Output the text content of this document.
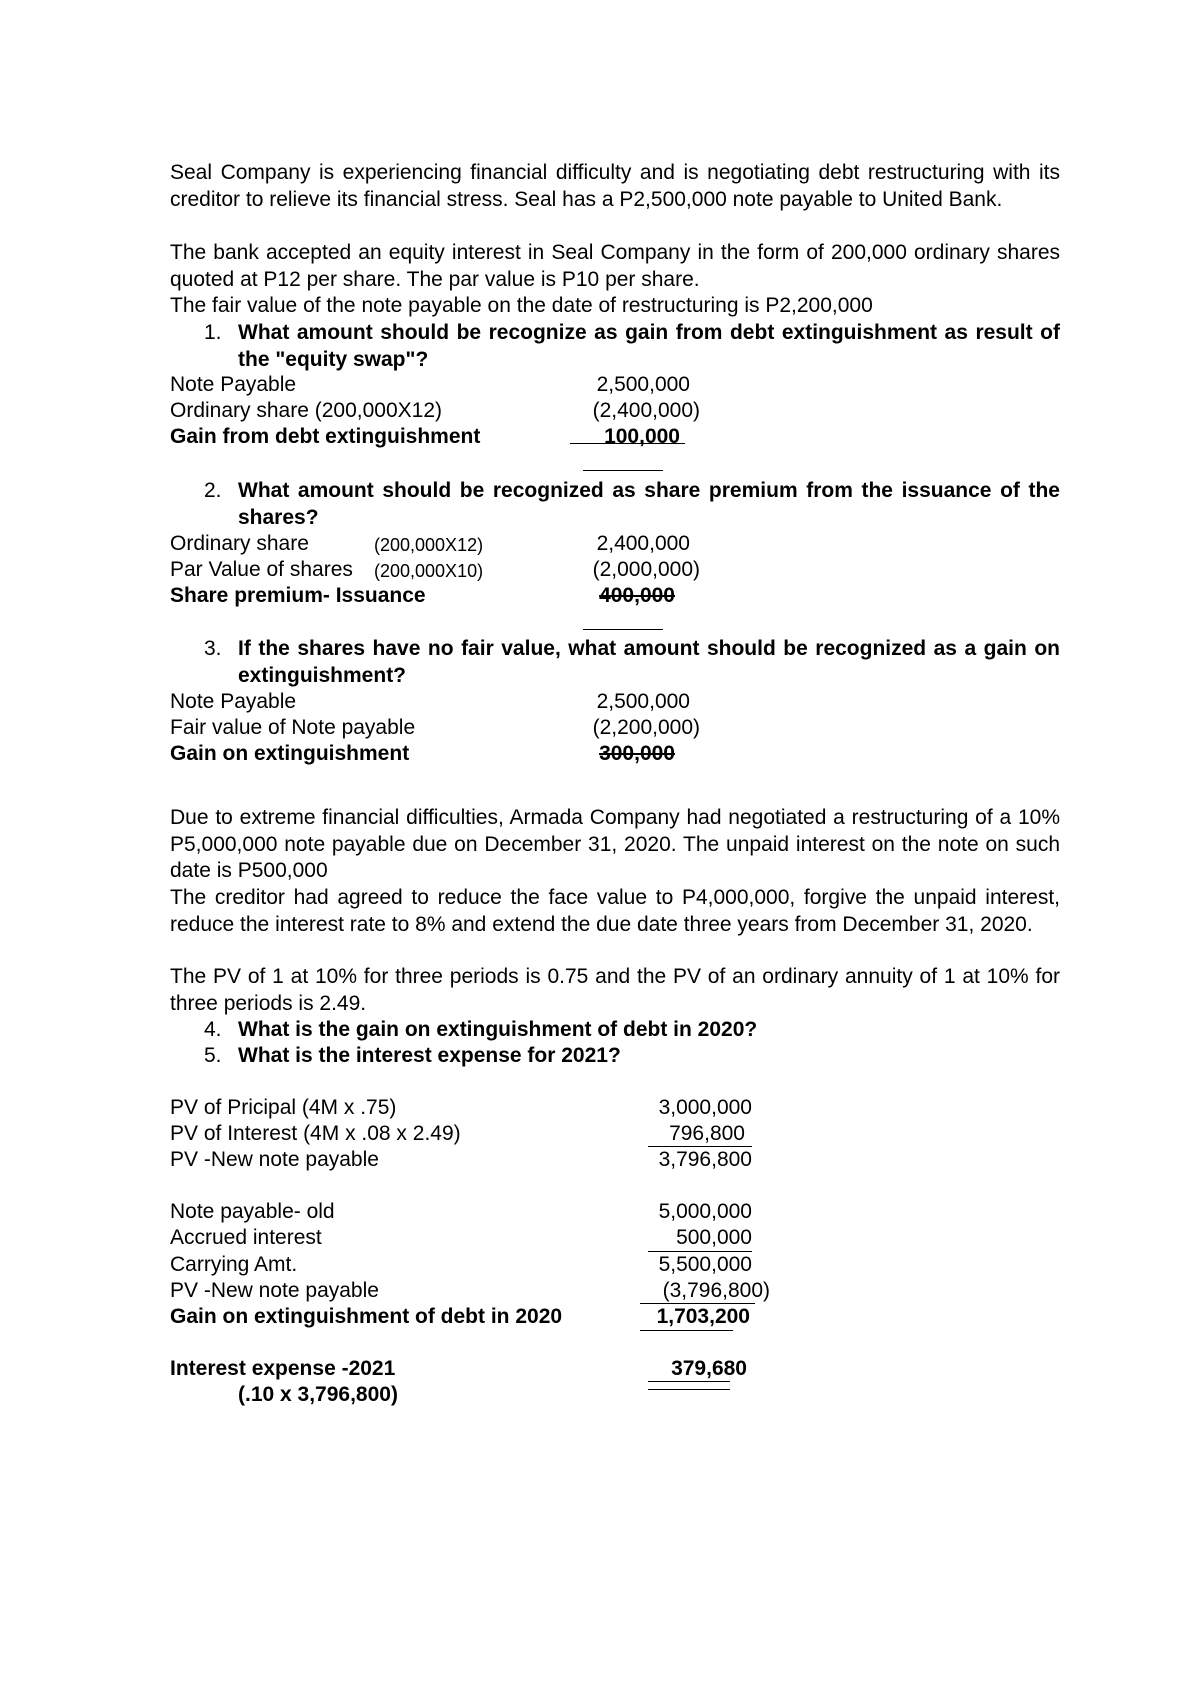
Seal Company is experiencing financial difficulty and is negotiating debt restructuring with its creditor to relieve its financial stress. Seal has a P2,500,000 note payable to United Bank.
The bank accepted an equity interest in Seal Company in the form of 200,000 ordinary shares quoted at P12 per share. The par value is P10 per share.
The fair value of the note payable on the date of restructuring is P2,200,000
1. What amount should be recognize as gain from debt extinguishment as result of the "equity swap"?
Note Payable	2,500,000
Ordinary share (200,000X12)	(2,400,000)
Gain from debt extinguishment	100,000
2. What amount should be recognized as share premium from the issuance of the shares?
Ordinary share	(200,000X12)	2,400,000
Par Value of shares (200,000X10)	(2,000,000)
Share premium- Issuance	400,000
3. If the shares have no fair value, what amount should be recognized as a gain on extinguishment?
Note Payable	2,500,000
Fair value of Note payable	(2,200,000)
Gain on extinguishment	300,000
Due to extreme financial difficulties, Armada Company had negotiated a restructuring of a 10% P5,000,000 note payable due on December 31, 2020. The unpaid interest on the note on such date is P500,000
The creditor had agreed to reduce the face value to P4,000,000, forgive the unpaid interest, reduce the interest rate to 8% and extend the due date three years from December 31, 2020.
The PV of 1 at 10% for three periods is 0.75 and the PV of an ordinary annuity of 1 at 10% for three periods is 2.49.
4. What is the gain on extinguishment of debt in 2020?
5. What is the interest expense for 2021?
PV of Pricipal (4M x .75)	3,000,000
PV of Interest (4M x .08 x 2.49)	796,800
PV -New note payable	3,796,800
Note payable- old	5,000,000
Accrued interest	500,000
Carrying Amt.	5,500,000
PV -New note payable	(3,796,800)
Gain on extinguishment of debt in 2020	1,703,200
Interest expense -2021	379,680
(.10 x 3,796,800)
